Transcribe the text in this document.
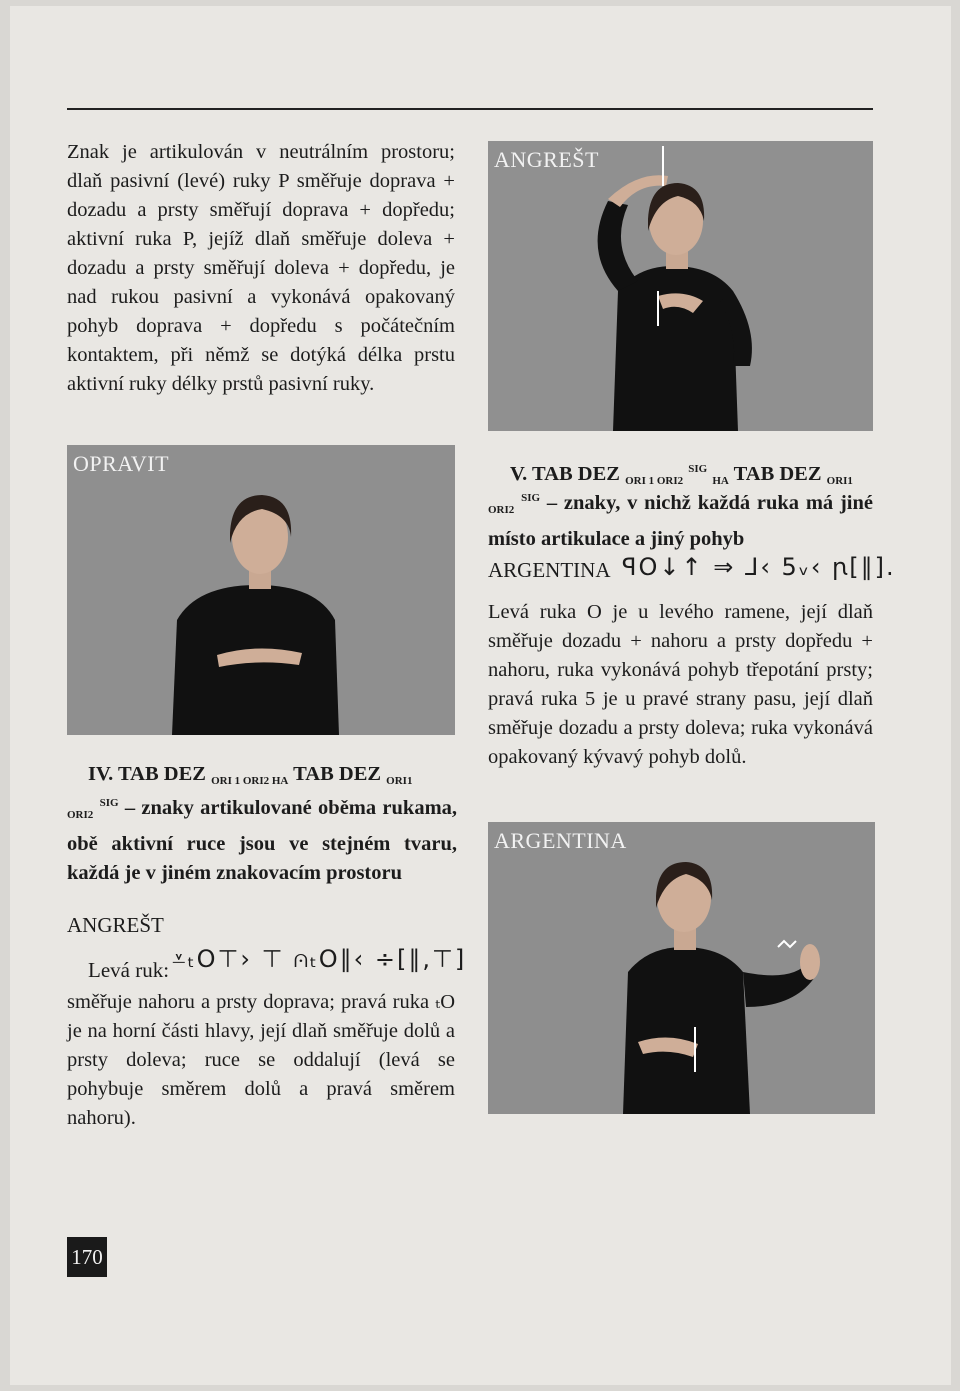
Znak je artikulován v neutrálním prostoru; dlaň pasivní (levé) ruky P směřuje doprava + dozadu a prsty směřují doprava + dopředu; aktivní ruka P, jejíž dlaň směřuje doleva + dozadu a prsty směřují doleva + dopředu, je nad rukou pasivní a vykonává opakovaný pohyb doprava + dopředu s počátečním kontaktem, při němž se dotýká délka prstu aktivní ruky délky prstů pasivní ruky.

OPRAVIT
IV. TAB DEZ $_{ORI 1 ORI2 HA}$ TAB DEZ $_{ORI1}$
$_{ORI2}$ $^{SIG}$ – znaky artikulované oběma rukama, obě aktivní ruce jsou ve stejném tvaru, každá je v jiném znakovacím prostoru
ANGREŠT
Levá ruk: ⩡ₜO⊤› ⊤ ⩀ₜO∥‹ ÷[∥,⊤]

směřuje nahoru a prsty doprava; pravá ruka ₜO je na horní části hlavy, její dlaň směřuje dolů a prsty doleva; ruce se oddalují (levá se pohybuje směrem dolů a pravá směrem nahoru).

ANGREŠT
V. TAB DEZ $_{ORI 1 ORI2}$ $^{SIG}$ $_{HA}$ TAB DEZ $_{ORI1}$
$_{ORI2}$ $^{SIG}$ – znaky, v nichž každá ruka má jiné místo artikulace a jiný pohyb
ARGENTINA ꟼO↓↑ ⇒ ⅃‹ 5ᵥ‹ ꞃ[∥].

Levá ruka O je u levého ramene, její dlaň směřuje dozadu + nahoru a prsty dopředu + nahoru, ruka vykonává pohyb třepotání prsty; pravá ruka 5 je u pravé strany pasu, její dlaň směřuje dozadu a prsty doleva; ruka vykonává opakovaný kývavý pohyb dolů.

ARGENTINA
170
